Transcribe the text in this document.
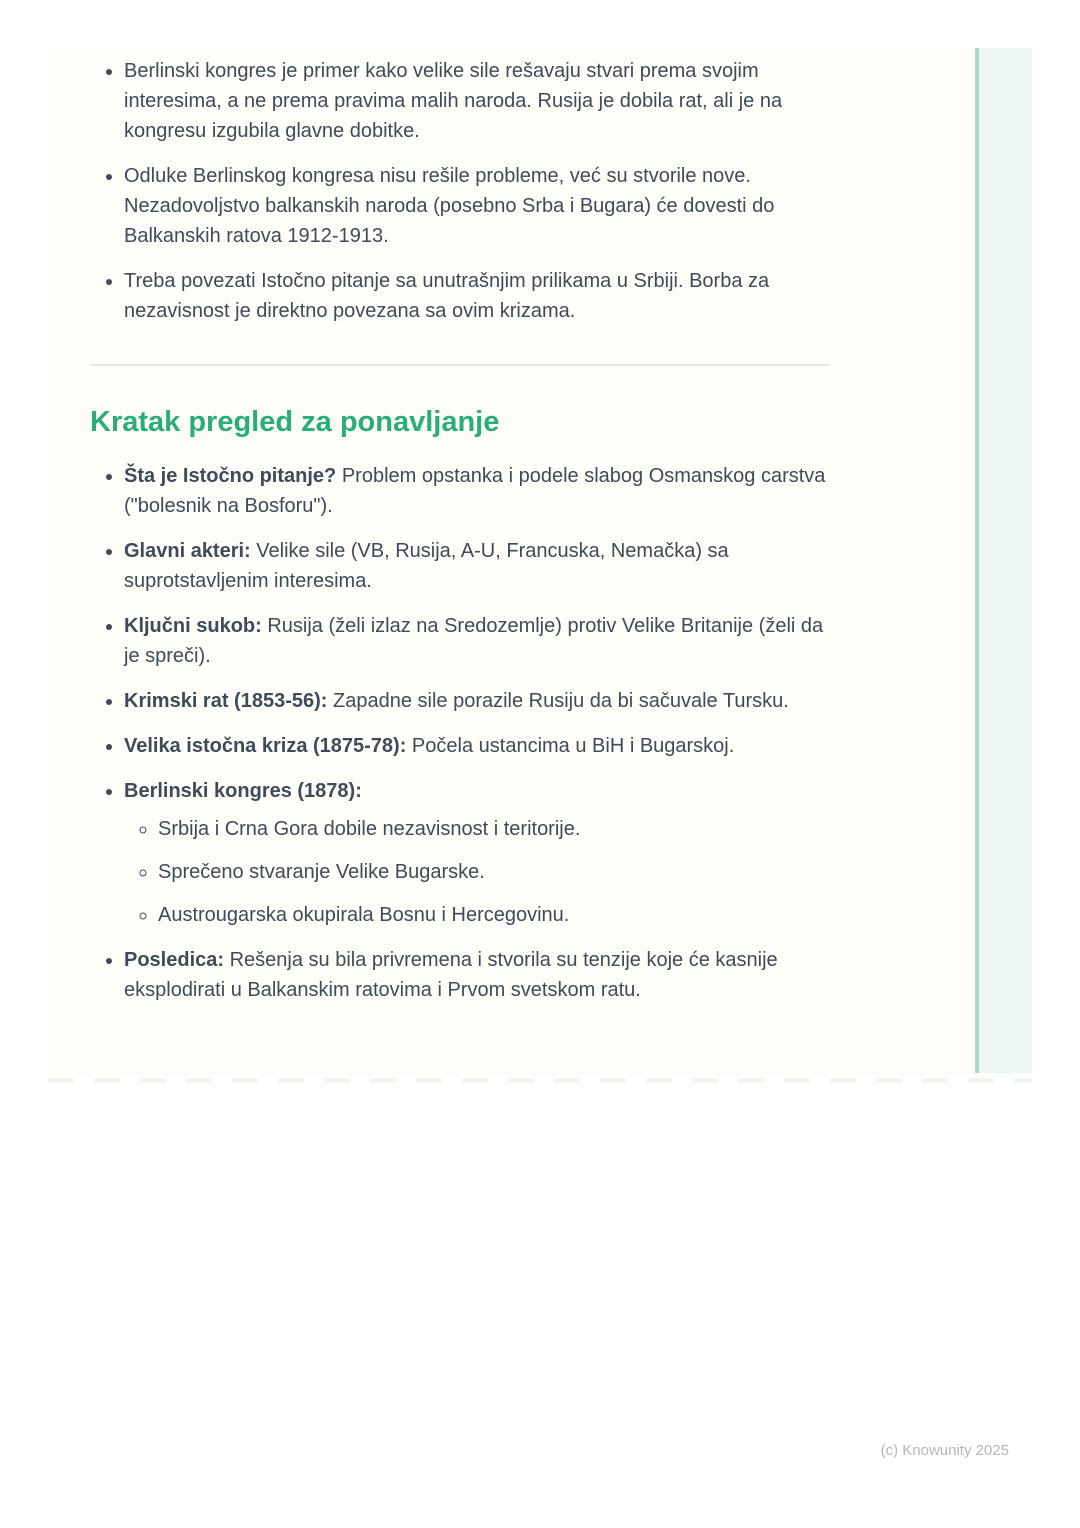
• Berlinski kongres je primer kako velike sile rešavaju stvari prema svojim interesima, a ne prema pravima malih naroda. Rusija je dobila rat, ali je na kongresu izgubila glavne dobitke.
• Odluke Berlinskog kongresa nisu rešile probleme, već su stvorile nove. Nezadovoljstvo balkanskih naroda (posebno Srba i Bugara) će dovesti do Balkanskih ratova 1912-1913.
• Treba povezati Istočno pitanje sa unutrašnjim prilikama u Srbiji. Borba za nezavisnost je direktno povezana sa ovim krizama.
Kratak pregled za ponavljanje
• Šta je Istočno pitanje? Problem opstanka i podele slabog Osmanskog carstva ("bolesnik na Bosforu").
• Glavni akteri: Velike sile (VB, Rusija, A-U, Francuska, Nemačka) sa suprotstavljenim interesima.
• Ključni sukob: Rusija (želi izlaz na Sredozemlje) protiv Velike Britanije (želi da je spreči).
• Krimski rat (1853-56): Zapadne sile porazile Rusiju da bi sačuvale Tursku.
• Velika istočna kriza (1875-78): Počela ustancima u BiH i Bugarskoj.
• Berlinski kongres (1878):
◦ Srbija i Crna Gora dobile nezavisnost i teritorije.
◦ Sprečeno stvaranje Velike Bugarske.
◦ Austrougarska okupirala Bosnu i Hercegovinu.
• Posledica: Rešenja su bila privremena i stvorila su tenzije koje će kasnije eksplodirati u Balkanskim ratovima i Prvom svetskom ratu.
(c) Knowunity 2025
